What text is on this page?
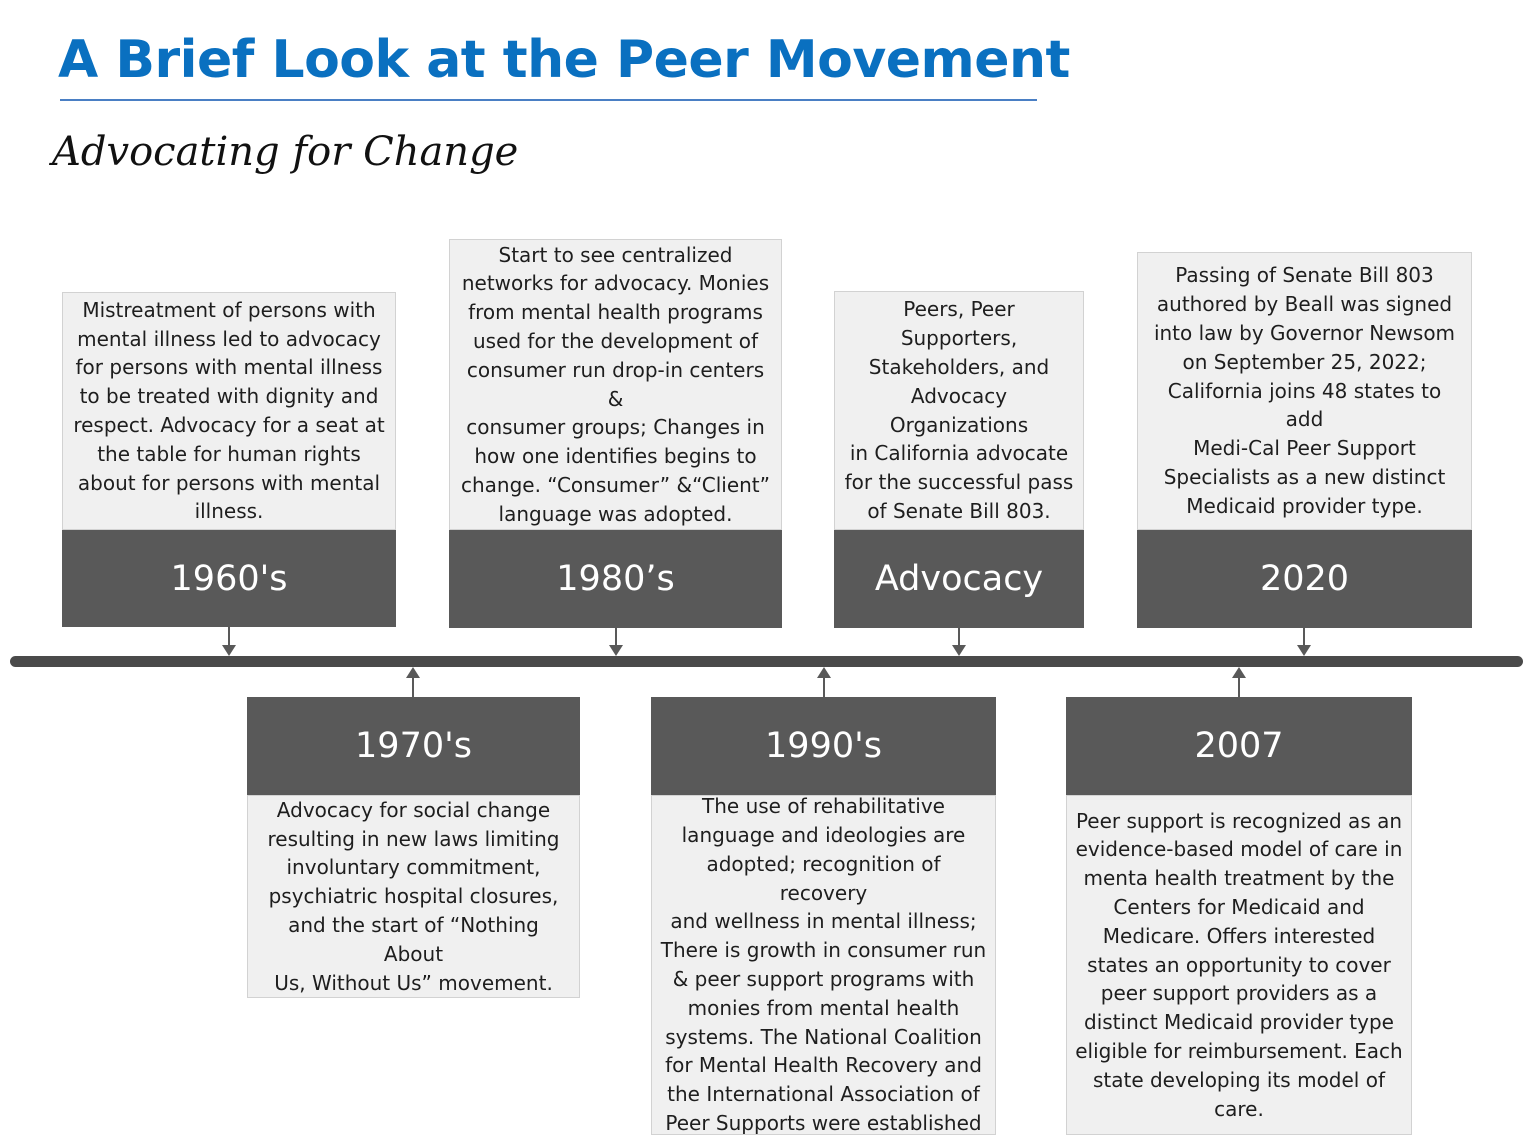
A Brief Look at the Peer Movement
Advocating for Change
Mistreatment of persons with
mental illness led to advocacy
for persons with mental illness
to be treated with dignity and
respect. Advocacy for a seat at
the table for human rights
about for persons with mental
illness.
1960's
1970's
Advocacy for social change
resulting in new laws limiting
involuntary commitment,
psychiatric hospital closures,
and the start of “Nothing About
Us, Without Us” movement.
Start to see centralized
networks for advocacy. Monies
from mental health programs
used for the development of
consumer run drop-in centers &
consumer groups; Changes in
how one identifies begins to
change. “Consumer” &“Client”
language was adopted.
1980’s
1990's
The use of rehabilitative
language and ideologies are
adopted; recognition of recovery
and wellness in mental illness;
There is growth in consumer run
& peer support programs with
monies from mental health
systems. The National Coalition
for Mental Health Recovery and
the International Association of
Peer Supports were established
Peers, Peer Supporters,
Stakeholders, and
Advocacy Organizations
in California advocate
for the successful pass
of Senate Bill 803.
Advocacy
2007
Peer support is recognized as an
evidence-based model of care in
menta health treatment by the
Centers for Medicaid and
Medicare. Offers interested
states an opportunity to cover
peer support providers as a
distinct Medicaid provider type
eligible for reimbursement. Each
state developing its model of
care.
Passing of Senate Bill 803
authored by Beall was signed
into law by Governor Newsom
on September 25, 2022;
California joins 48 states to add
Medi-Cal Peer Support
Specialists as a new distinct
Medicaid provider type.
2020
